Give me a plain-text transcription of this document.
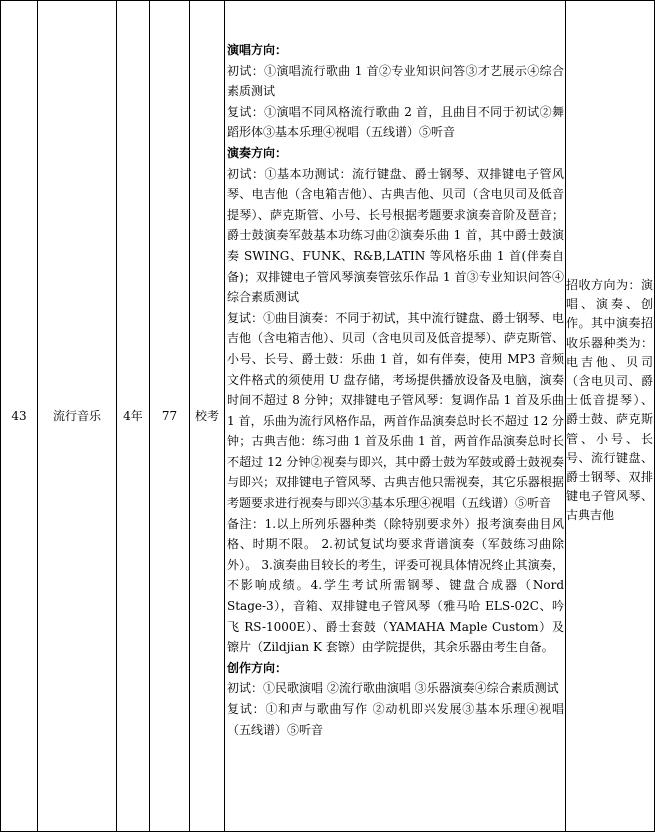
43 流行音乐 4年 77 校考

演唱方向：

初试：①演唱流行歌曲 1 首②专业知识问答③才艺展示④综合素质测试

复试：①演唱不同风格流行歌曲 2 首，且曲目不同于初试②舞蹈形体③基本乐理④视唱（五线谱）⑤听音

演奏方向：

初试：①基本功测试：流行键盘、爵士钢琴、双排键电子管风琴、电吉他（含电箱吉他）、古典吉他、贝司（含电贝司及低音提琴）、萨克斯管、小号、长号根据考题要求演奏音阶及琶音；爵士鼓演奏军鼓基本功练习曲②演奏乐曲 1 首，其中爵士鼓演奏 SWING、FUNK、R&B,LATIN 等风格乐曲 1 首(伴奏自备)；双排键电子管风琴演奏管弦乐作品 1 首③专业知识问答④综合素质测试

复试：①曲目演奏：不同于初试，其中流行键盘、爵士钢琴、电吉他（含电箱吉他）、贝司（含电贝司及低音提琴）、萨克斯管、小号、长号、爵士鼓：乐曲 1 首，如有伴奏，使用 MP3 音频文件格式的须使用 U 盘存储，考场提供播放设备及电脑，演奏时间不超过 8 分钟；双排键电子管风琴：复调作品 1 首及乐曲 1 首，乐曲为流行风格作品，两首作品演奏总时长不超过 12 分钟；古典吉他：练习曲 1 首及乐曲 1 首，两首作品演奏总时长不超过 12 分钟②视奏与即兴，其中爵士鼓为军鼓或爵士鼓视奏与即兴；双排键电子管风琴、古典吉他只需视奏，其它乐器根据考题要求进行视奏与即兴③基本乐理④视唱（五线谱）⑤听音

备注：1.以上所列乐器种类（除特别要求外）报考演奏曲目风格、时期不限。 2.初试复试均要求背谱演奏（军鼓练习曲除外）。 3.演奏曲目较长的考生，评委可视具体情况终止其演奏，不影响成绩。4.学生考试所需钢琴、键盘合成器（Nord Stage-3），音箱、双排键电子管风琴（雅马哈 ELS-02C、吟飞 RS-1000E）、爵士套鼓（YAMAHA Maple Custom）及镲片（Zildjian K 套镲）由学院提供，其余乐器由考生自备。

创作方向：

初试：①民歌演唱 ②流行歌曲演唱 ③乐器演奏④综合素质测试

复试：①和声与歌曲写作 ②动机即兴发展③基本乐理④视唱（五线谱）⑤听音

招收方向为：演唱、演奏、创作。其中演奏招收乐器种类为：电吉他、贝司（含电贝司、爵士低音提琴）、爵士鼓、萨克斯管、小号、长号、流行键盘、爵士钢琴、双排键电子管风琴、古典吉他
